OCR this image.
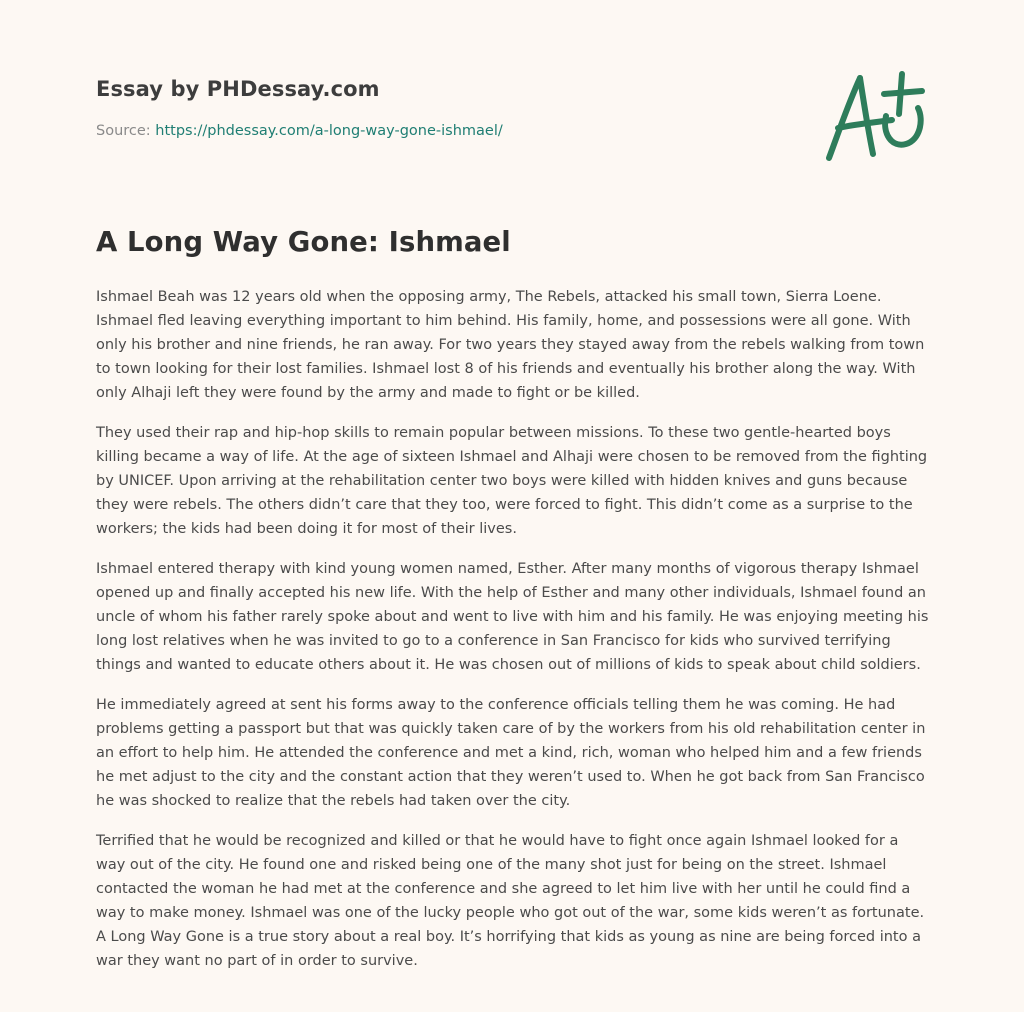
Essay by PHDessay.com
Source: https://phdessay.com/a-long-way-gone-ishmael/
A Long Way Gone: Ishmael

Ishmael Beah was 12 years old when the opposing army, The Rebels, attacked his small town, Sierra Loene. Ishmael fled leaving everything important to him behind. His family, home, and possessions were all gone. With only his brother and nine friends, he ran away. For two years they stayed away from the rebels walking from town to town looking for their lost families. Ishmael lost 8 of his friends and eventually his brother along the way. With only Alhaji left they were found by the army and made to fight or be killed.

They used their rap and hip-hop skills to remain popular between missions. To these two gentle-hearted boys killing became a way of life. At the age of sixteen Ishmael and Alhaji were chosen to be removed from the fighting by UNICEF. Upon arriving at the rehabilitation center two boys were killed with hidden knives and guns because they were rebels. The others didn’t care that they too, were forced to fight. This didn’t come as a surprise to the workers; the kids had been doing it for most of their lives.

Ishmael entered therapy with kind young women named, Esther. After many months of vigorous therapy Ishmael opened up and finally accepted his new life. With the help of Esther and many other individuals, Ishmael found an uncle of whom his father rarely spoke about and went to live with him and his family. He was enjoying meeting his long lost relatives when he was invited to go to a conference in San Francisco for kids who survived terrifying things and wanted to educate others about it. He was chosen out of millions of kids to speak about child soldiers.

He immediately agreed at sent his forms away to the conference officials telling them he was coming. He had problems getting a passport but that was quickly taken care of by the workers from his old rehabilitation center in an effort to help him. He attended the conference and met a kind, rich, woman who helped him and a few friends he met adjust to the city and the constant action that they weren’t used to. When he got back from San Francisco he was shocked to realize that the rebels had taken over the city.

Terrified that he would be recognized and killed or that he would have to fight once again Ishmael looked for a way out of the city. He found one and risked being one of the many shot just for being on the street. Ishmael contacted the woman he had met at the conference and she agreed to let him live with her until he could find a way to make money. Ishmael was one of the lucky people who got out of the war, some kids weren’t as fortunate. A Long Way Gone is a true story about a real boy. It’s horrifying that kids as young as nine are being forced into a war they want no part of in order to survive.
